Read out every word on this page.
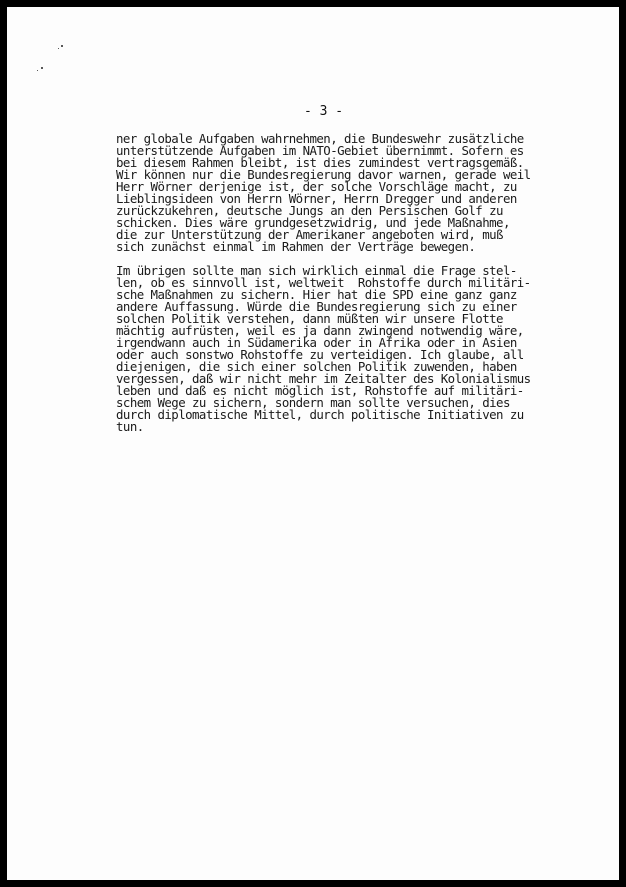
- 3 -
ner globale Aufgaben wahrnehmen, die Bundeswehr zusätzliche
unterstützende Aufgaben im NATO-Gebiet übernimmt. Sofern es
bei diesem Rahmen bleibt, ist dies zumindest vertragsgemäß.
Wir können nur die Bundesregierung davor warnen, gerade weil
Herr Wörner derjenige ist, der solche Vorschläge macht, zu
Lieblingsideen von Herrn Wörner, Herrn Dregger und anderen
zurückzukehren, deutsche Jungs an den Persischen Golf zu
schicken. Dies wäre grundgesetzwidrig, und jede Maßnahme,
die zur Unterstützung der Amerikaner angeboten wird, muß
sich zunächst einmal im Rahmen der Verträge bewegen.
Im übrigen sollte man sich wirklich einmal die Frage stel-
len, ob es sinnvoll ist, weltweit  Rohstoffe durch militäri-
sche Maßnahmen zu sichern. Hier hat die SPD eine ganz ganz
andere Auffassung. Würde die Bundesregierung sich zu einer
solchen Politik verstehen, dann müßten wir unsere Flotte
mächtig aufrüsten, weil es ja dann zwingend notwendig wäre,
irgendwann auch in Südamerika oder in Afrika oder in Asien
oder auch sonstwo Rohstoffe zu verteidigen. Ich glaube, all
diejenigen, die sich einer solchen Politik zuwenden, haben
vergessen, daß wir nicht mehr im Zeitalter des Kolonialismus
leben und daß es nicht möglich ist, Rohstoffe auf militäri-
schem Wege zu sichern, sondern man sollte versuchen, dies
durch diplomatische Mittel, durch politische Initiativen zu
tun.
